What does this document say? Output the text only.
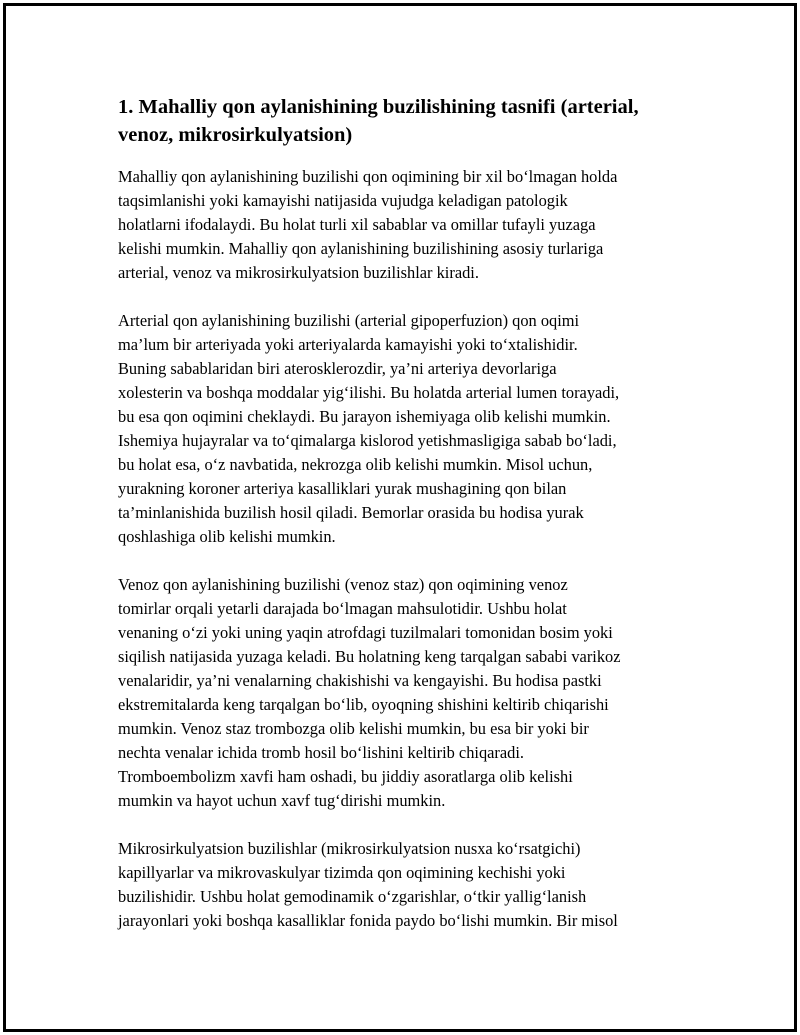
1. Mahalliy qon aylanishining buzilishining tasnifi (arterial,
venoz, mikrosirkulyatsion)

Mahalliy qon aylanishining buzilishi qon oqimining bir xil bo‘lmagan holda
taqsimlanishi yoki kamayishi natijasida vujudga keladigan patologik
holatlarni ifodalaydi. Bu holat turli xil sabablar va omillar tufayli yuzaga
kelishi mumkin. Mahalliy qon aylanishining buzilishining asosiy turlariga
arterial, venoz va mikrosirkulyatsion buzilishlar kiradi.

Arterial qon aylanishining buzilishi (arterial gipoperfuzion) qon oqimi
ma’lum bir arteriyada yoki arteriyalarda kamayishi yoki to‘xtalishidir.
Buning sabablaridan biri aterosklerozdir, ya’ni arteriya devorlariga
xolesterin va boshqa moddalar yig‘ilishi. Bu holatda arterial lumen torayadi,
bu esa qon oqimini cheklaydi. Bu jarayon ishemiyaga olib kelishi mumkin.
Ishemiya hujayralar va to‘qimalarga kislorod yetishmasligiga sabab bo‘ladi,
bu holat esa, o‘z navbatida, nekrozga olib kelishi mumkin. Misol uchun,
yurakning koroner arteriya kasalliklari yurak mushagining qon bilan
ta’minlanishida buzilish hosil qiladi. Bemorlar orasida bu hodisa yurak
qoshlashiga olib kelishi mumkin.

Venoz qon aylanishining buzilishi (venoz staz) qon oqimining venoz
tomirlar orqali yetarli darajada bo‘lmagan mahsulotidir. Ushbu holat
venaning o‘zi yoki uning yaqin atrofdagi tuzilmalari tomonidan bosim yoki
siqilish natijasida yuzaga keladi. Bu holatning keng tarqalgan sababi varikoz
venalaridir, ya’ni venalarning chakishishi va kengayishi. Bu hodisa pastki
ekstremitalarda keng tarqalgan bo‘lib, oyoqning shishini keltirib chiqarishi
mumkin. Venoz staz trombozga olib kelishi mumkin, bu esa bir yoki bir
nechta venalar ichida tromb hosil bo‘lishini keltirib chiqaradi.
Tromboembolizm xavfi ham oshadi, bu jiddiy asoratlarga olib kelishi
mumkin va hayot uchun xavf tug‘dirishi mumkin.

Mikrosirkulyatsion buzilishlar (mikrosirkulyatsion nusxa ko‘rsatgichi)
kapillyarlar va mikrovaskulyar tizimda qon oqimining kechishi yoki
buzilishidir. Ushbu holat gemodinamik o‘zgarishlar, o‘tkir yallig‘lanish
jarayonlari yoki boshqa kasalliklar fonida paydo bo‘lishi mumkin. Bir misol
